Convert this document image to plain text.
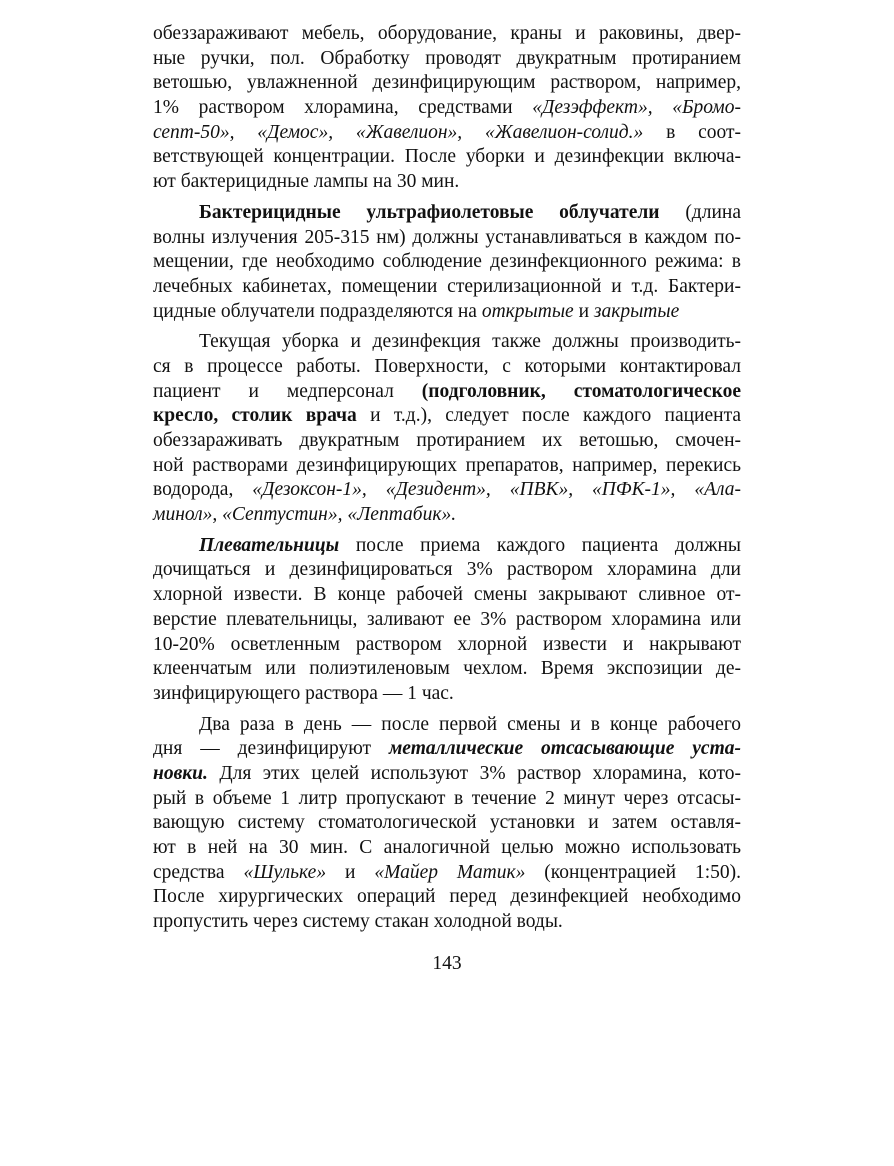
обеззараживают мебель, оборудование, краны и раковины, двер-
ные ручки, пол. Обработку проводят двукратным протиранием
ветошью, увлажненной дезинфицирующим раствором, например,
1% раствором хлорамина, средствами «Дезэффект», «Бромо-
септ-50», «Демос», «Жавелион», «Жавелион-солид.» в соот-
ветствующей концентрации. После уборки и дезинфекции включа-
ют бактерицидные лампы на 30 мин.
Бактерицидные ультрафиолетовые облучатели (длина
волны излучения 205-315 нм) должны устанавливаться в каждом по-
мещении, где необходимо соблюдение дезинфекционного режима: в
лечебных кабинетах, помещении стерилизационной и т.д. Бактери-
цидные облучатели подразделяются на открытые и закрытые
Текущая уборка и дезинфекция также должны производить-
ся в процессе работы. Поверхности, с которыми контактировал
пациент и медперсонал (подголовник, стоматологическое
кресло, столик врача и т.д.), следует после каждого пациента
обеззараживать двукратным протиранием их ветошью, смочен-
ной растворами дезинфицирующих препаратов, например, перекись
водорода, «Дезоксон-1», «Дезидент», «ПВК», «ПФК-1», «Ала-
минол», «Септустин», «Лептабик».
Плевательницы после приема каждого пациента должны
дочищаться и дезинфицироваться 3% раствором хлорамина дли
хлорной извести. В конце рабочей смены закрывают сливное от-
верстие плевательницы, заливают ее 3% раствором хлорамина или
10-20% осветленным раствором хлорной извести и накрывают
клеенчатым или полиэтиленовым чехлом. Время экспозиции де-
зинфицирующего раствора — 1 час.
Два раза в день — после первой смены и в конце рабочего
дня — дезинфицируют металлические отсасывающие уста-
новки. Для этих целей используют 3% раствор хлорамина, кото-
рый в объеме 1 литр пропускают в течение 2 минут через отсасы-
вающую систему стоматологической установки и затем оставля-
ют в ней на 30 мин. С аналогичной целью можно использовать
средства «Шульке» и «Майер Матик» (концентрацией 1:50).
После хирургических операций перед дезинфекцией необходимо
пропустить через систему стакан холодной воды.
143
